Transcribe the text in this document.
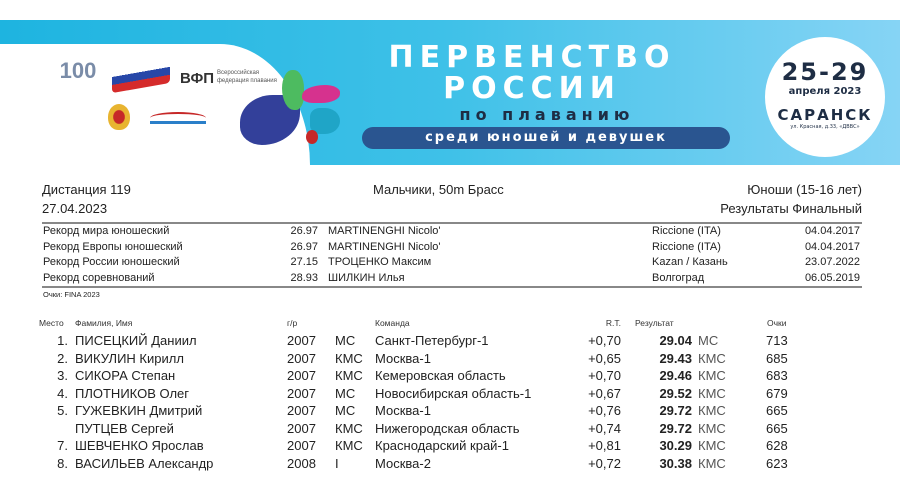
100	ВФП Всероссийская федерация плавания
ПЕРВЕНСТВО
РОССИИ
по плаванию
среди юношей и девушек
25-29
апреля 2023
САРАНСК
ул. Красная, д.33, «ДВВС»
Дистанция 119	Мальчики, 50m Брасс	Юноши (15-16 лет)
27.04.2023	Результаты Финальный
Рекорд мира юношеский	26.97 MARTINENGHI Nicolo'	Riccione (ITA)	04.04.2017
Рекорд Европы юношеский	26.97 MARTINENGHI Nicolo'	Riccione (ITA)	04.04.2017
Рекорд России юношеский	27.15 ТРОЦЕНКО Максим	Kazan / Казань	23.07.2022
Рекорд соревнований	28.93 ШИЛКИН Илья	Волгоград	06.05.2019
Очки: FINA 2023
Место Фамилия, Имя	г/р	Команда	R.T. Результат	Очки
1. ПИСЕЦКИЙ Даниил	2007 МС Санкт-Петербург-1	+0,70	29.04 МС	713
2. ВИКУЛИН Кирилл	2007 КМС Москва-1	+0,65	29.43 КМС	685
3. СИКОРА Степан	2007 КМС Кемеровская область	+0,70	29.46 КМС	683
4. ПЛОТНИКОВ Олег	2007 МС Новосибирская область-1	+0,67	29.52 КМС	679
5. ГУЖЕВКИН Дмитрий	2007 МС Москва-1	+0,76	29.72 КМС	665
ПУТЦЕВ Сергей	2007 КМС Нижегородская область	+0,74	29.72 КМС	665
7. ШЕВЧЕНКО Ярослав	2007 КМС Краснодарский край-1	+0,81	30.29 КМС	628
8. ВАСИЛЬЕВ Александр	2008 I	Москва-2	+0,72	30.38 КМС	623
